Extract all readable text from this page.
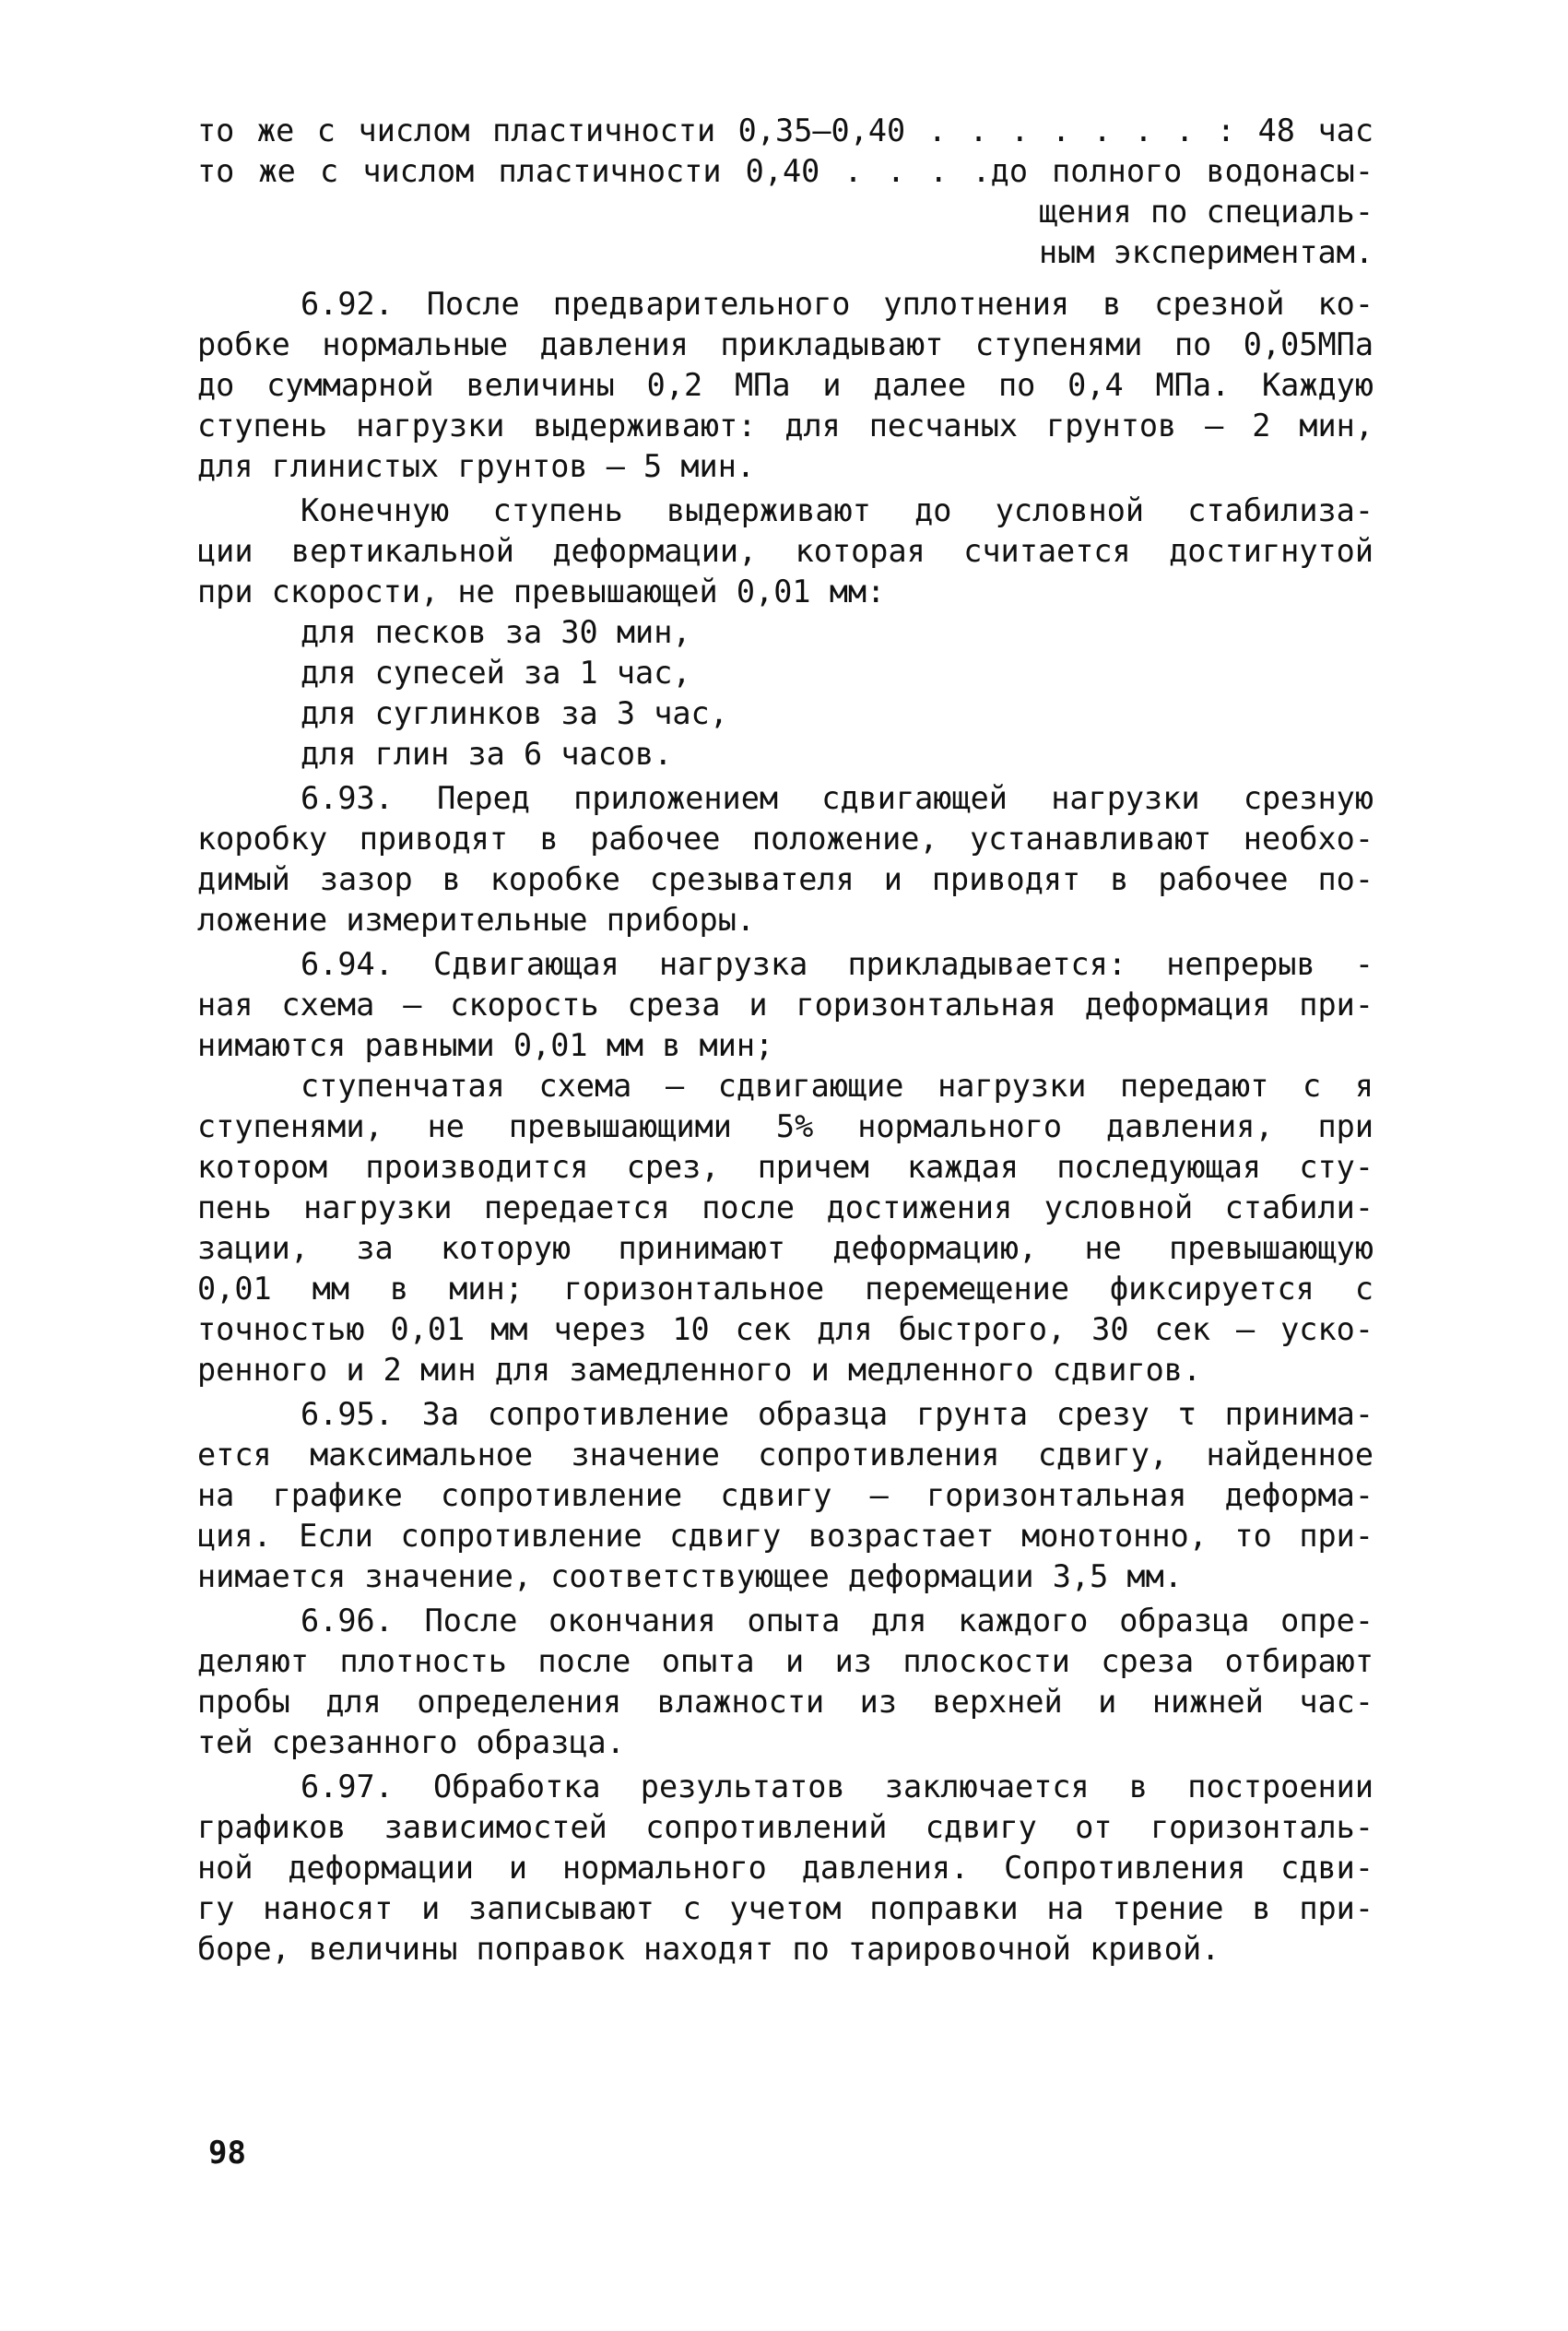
то же с числом пластичности 0,35–0,40 . . . . . . . : 48 час
то же с числом пластичности 0,40 . . . .до полного водонасы-
щения по специаль-
ным экспериментам.
6.92. После предварительного уплотнения в срезной ко-
робке нормальные давления прикладывают ступенями по 0,05МПа
до суммарной величины 0,2 МПа и далее по 0,4 МПа. Каждую
ступень нагрузки выдерживают: для песчаных грунтов – 2 мин,
для глинистых грунтов – 5 мин.
Конечную ступень выдерживают до условной стабилиза-
ции вертикальной деформации, которая считается достигнутой
при скорости, не превышающей 0,01 мм:
для песков за 30 мин,
для супесей за 1 час,
для суглинков за 3 час,
для глин за 6 часов.
6.93. Перед приложением сдвигающей нагрузки срезную
коробку приводят в рабочее положение, устанавливают необхо-
димый зазор в коробке срезывателя и приводят в рабочее по-
ложение измерительные приборы.
6.94. Сдвигающая нагрузка прикладывается: непрерыв -
ная схема – скорость среза и горизонтальная деформация при-
нимаются равными 0,01 мм в мин;
ступенчатая схема – сдвигающие нагрузки передают с я
ступенями, не превышающими 5% нормального давления, при
котором производится срез, причем каждая последующая сту-
пень нагрузки передается после достижения условной стабили-
зации, за которую принимают деформацию, не превышающую
0,01 мм в мин; горизонтальное перемещение фиксируется с
точностью 0,01 мм через 10 сек для быстрого, 30 сек – уско-
ренного и 2 мин для замедленного и медленного сдвигов.
6.95. За сопротивление образца грунта срезу τ принима-
ется максимальное значение сопротивления сдвигу, найденное
на графике сопротивление сдвигу – горизонтальная деформа-
ция. Если сопротивление сдвигу возрастает монотонно, то при-
нимается значение, соответствующее деформации 3,5 мм.
6.96. После окончания опыта для каждого образца опре-
деляют плотность после опыта и из плоскости среза отбирают
пробы для определения влажности из верхней и нижней час-
тей срезанного образца.
6.97. Обработка результатов заключается в построении
графиков зависимостей сопротивлений сдвигу от горизонталь-
ной деформации и нормального давления. Сопротивления сдви-
гу наносят и записывают с учетом поправки на трение в при-
боре, величины поправок находят по тарировочной кривой.
98
